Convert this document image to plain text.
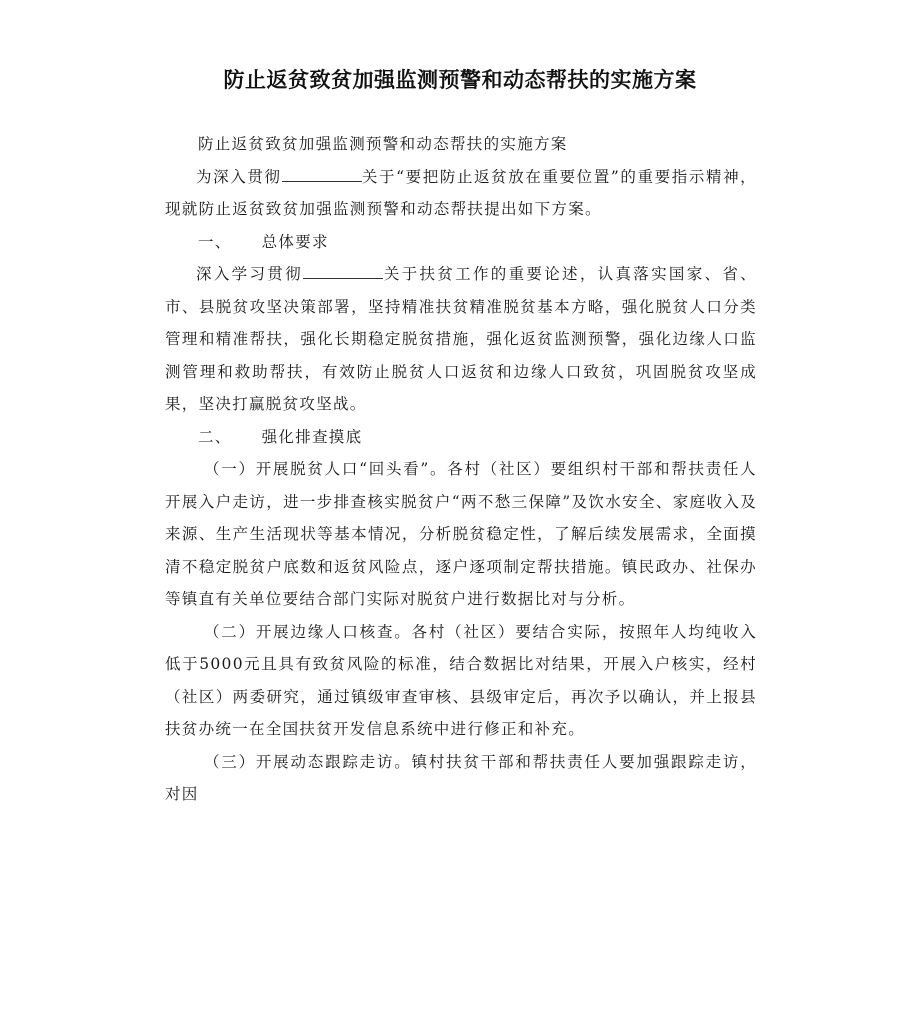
防止返贫致贫加强监测预警和动态帮扶的实施方案

防止返贫致贫加强监测预警和动态帮扶的实施方案

为深入贯彻	关于“要把防止返贫放在重要位置”的重要指示精神，现就防止返贫致贫加强监测预警和动态帮扶提出如下方案。

一、 总体要求

深入学习贯彻	关于扶贫工作的重要论述，认真落实国家、省、市、县脱贫攻坚决策部署，坚持精准扶贫精准脱贫基本方略，强化脱贫人口分类管理和精准帮扶，强化长期稳定脱贫措施，强化返贫监测预警，强化边缘人口监测管理和救助帮扶，有效防止脱贫人口返贫和边缘人口致贫，巩固脱贫攻坚成果，坚决打赢脱贫攻坚战。

二、 强化排查摸底

（一）开展脱贫人口“回头看”。各村（社区）要组织村干部和帮扶责任人开展入户走访，进一步排查核实脱贫户“两不愁三保障”及饮水安全、家庭收入及来源、生产生活现状等基本情况，分析脱贫稳定性，了解后续发展需求，全面摸清不稳定脱贫户底数和返贫风险点，逐户逐项制定帮扶措施。镇民政办、社保办等镇直有关单位要结合部门实际对脱贫户进行数据比对与分析。

（二）开展边缘人口核查。各村（社区）要结合实际，按照年人均纯收入低于5000元且具有致贫风险的标准，结合数据比对结果，开展入户核实，经村（社区）两委研究，通过镇级审查审核、县级审定后，再次予以确认，并上报县扶贫办统一在全国扶贫开发信息系统中进行修正和补充。

（三）开展动态跟踪走访。镇村扶贫干部和帮扶责任人要加强跟踪走访，对因
